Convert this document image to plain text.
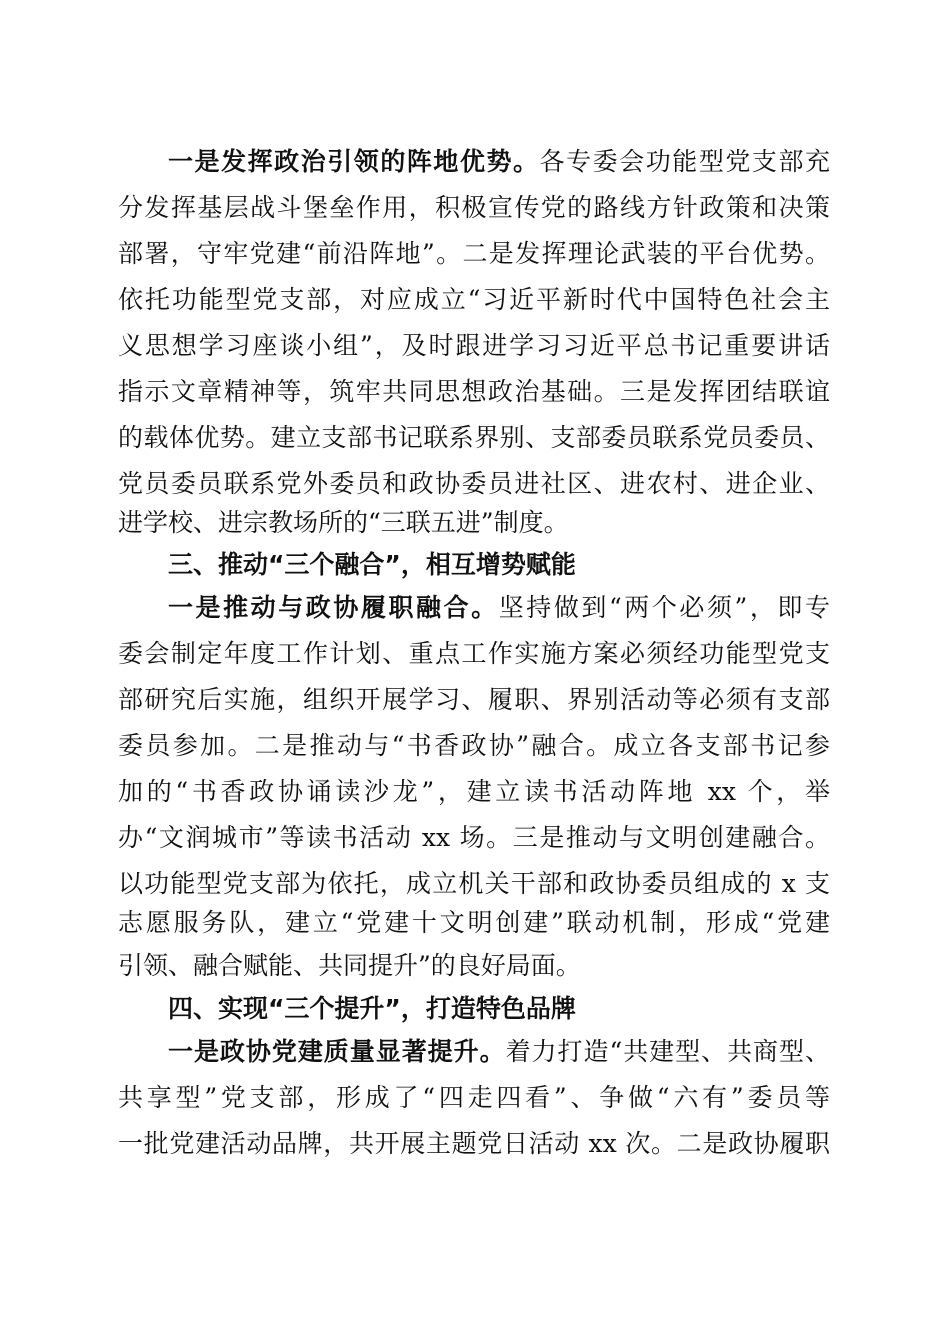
一是发挥政治引领的阵地优势。各专委会功能型党支部充
分发挥基层战斗堡垒作用，积极宣传党的路线方针政策和决策
部署，守牢党建“前沿阵地”。二是发挥理论武装的平台优势。
依托功能型党支部，对应成立“习近平新时代中国特色社会主
义思想学习座谈小组”，及时跟进学习习近平总书记重要讲话
指示文章精神等，筑牢共同思想政治基础。三是发挥团结联谊
的载体优势。建立支部书记联系界别、支部委员联系党员委员、
党员委员联系党外委员和政协委员进社区、进农村、进企业、
进学校、进宗教场所的“三联五进”制度。
三、推动“三个融合”，相互增势赋能
一是推动与政协履职融合。坚持做到“两个必须”，即专
委会制定年度工作计划、重点工作实施方案必须经功能型党支
部研究后实施，组织开展学习、履职、界别活动等必须有支部
委员参加。二是推动与“书香政协”融合。成立各支部书记参
加的“书香政协诵读沙龙”，建立读书活动阵地 xx 个，举
办“文润城市”等读书活动 xx 场。三是推动与文明创建融合。
以功能型党支部为依托，成立机关干部和政协委员组成的 x 支
志愿服务队，建立“党建十文明创建”联动机制，形成“党建
引领、融合赋能、共同提升”的良好局面。
四、实现“三个提升”，打造特色品牌
一是政协党建质量显著提升。着力打造“共建型、共商型、
共享型”党支部，形成了“四走四看”、争做“六有”委员等
一批党建活动品牌，共开展主题党日活动 xx 次。二是政协履职
